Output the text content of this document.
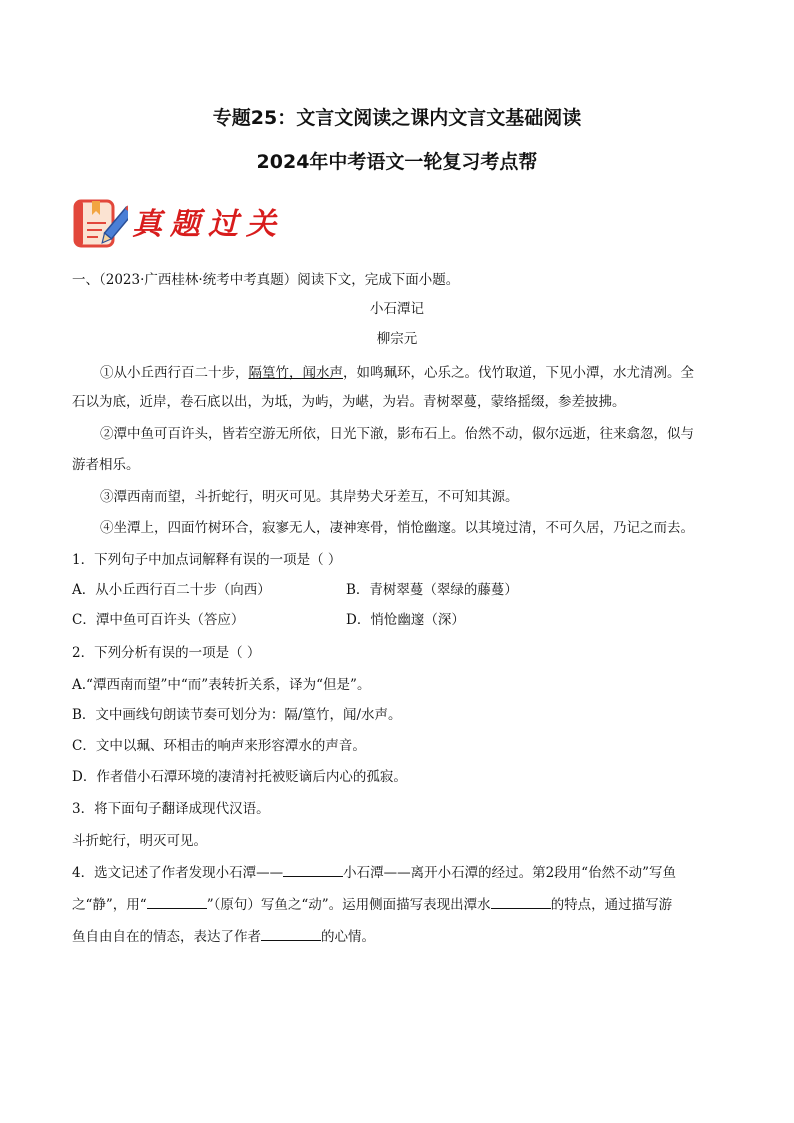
专题25：文言文阅读之课内文言文基础阅读
2024年中考语文一轮复习考点帮
真题过关
一、（2023·广西桂林·统考中考真题）阅读下文，完成下面小题。
小石潭记
柳宗元
①从小丘西行百二十步，隔篁竹，闻水声，如鸣珮环，心乐之。伐竹取道，下见小潭，水尤清冽。全
石以为底，近岸，卷石底以出，为坻，为屿，为嵁，为岩。青树翠蔓，蒙络摇缀，参差披拂。
②潭中鱼可百许头，皆若空游无所依，日光下澈，影布石上。佁然不动，俶尔远逝，往来翕忽，似与
游者相乐。
③潭西南而望，斗折蛇行，明灭可见。其岸势犬牙差互，不可知其源。
④坐潭上，四面竹树环合，寂寥无人，凄神寒骨，悄怆幽邃。以其境过清，不可久居，乃记之而去。
1．下列句子中加点词解释有误的一项是（ ）
A．从小丘西行百二十步（向西）	B．青树翠蔓（翠绿的藤蔓）
C．潭中鱼可百许头（答应）	D．悄怆幽邃（深）
2．下列分析有误的一项是（ ）
A.“潭西南而望”中“而”表转折关系，译为“但是”。
B．文中画线句朗读节奏可划分为：隔/篁竹，闻/水声。
C．文中以珮、环相击的响声来形容潭水的声音。
D．作者借小石潭环境的凄清衬托被贬谪后内心的孤寂。
3．将下面句子翻译成现代汉语。
斗折蛇行，明灭可见。
4．选文记述了作者发现小石潭——	小石潭——离开小石潭的经过。第2段用“佁然不动”写鱼
之“静”，用“	”（原句）写鱼之“动”。运用侧面描写表现出潭水	的特点，通过描写游
鱼自由自在的情态，表达了作者	的心情。
